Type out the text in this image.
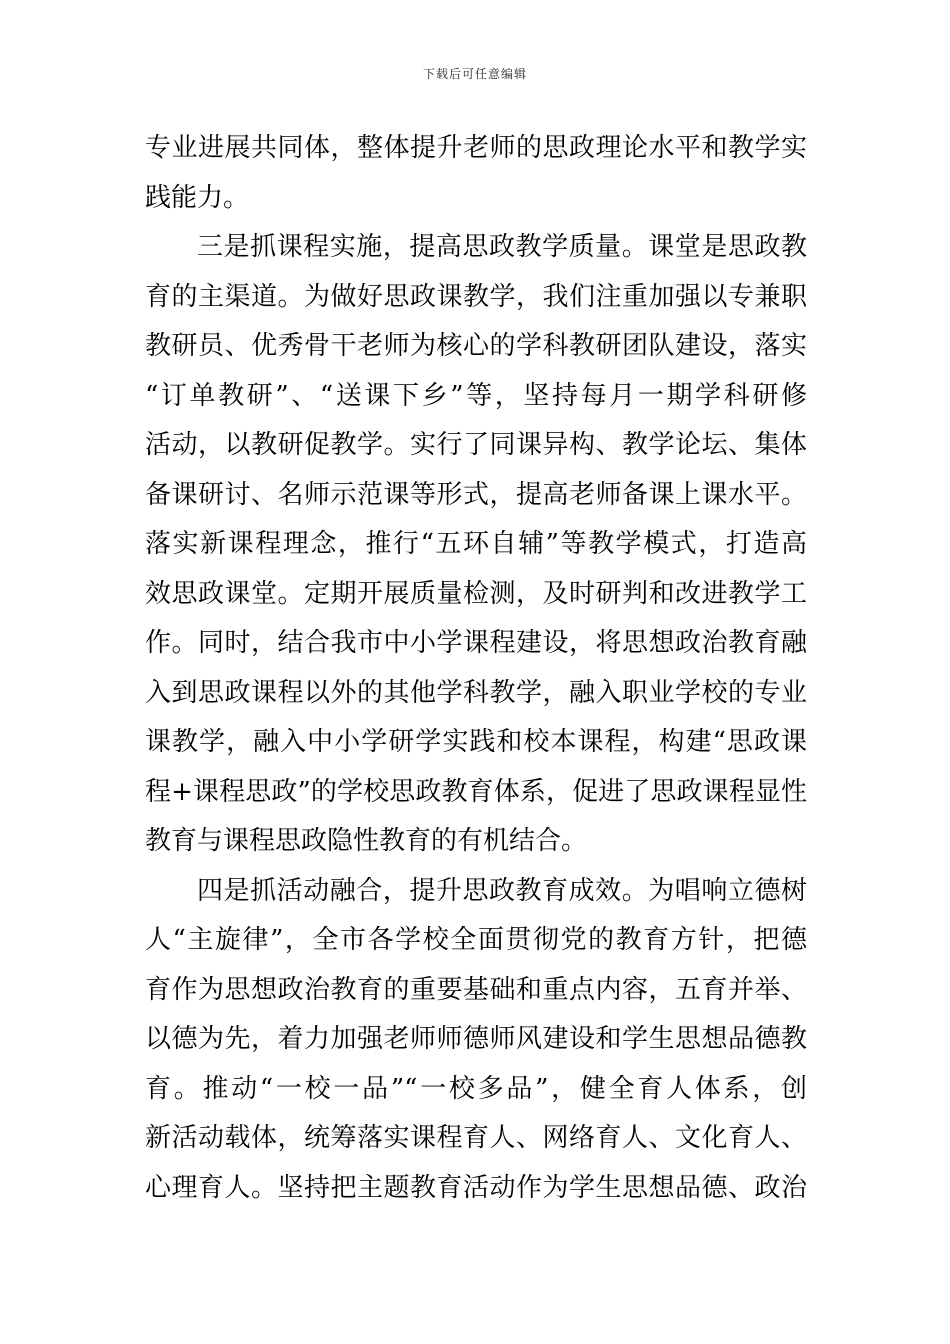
下载后可任意编辑
专业进展共同体，整体提升老师的思政理论水平和教学实
践能力。
三是抓课程实施，提高思政教学质量。课堂是思政教
育的主渠道。为做好思政课教学，我们注重加强以专兼职
教研员、优秀骨干老师为核心的学科教研团队建设，落实
“订单教研”、“送课下乡”等，坚持每月一期学科研修
活动，以教研促教学。实行了同课异构、教学论坛、集体
备课研讨、名师示范课等形式，提高老师备课上课水平。
落实新课程理念，推行“五环自辅”等教学模式，打造高
效思政课堂。定期开展质量检测，及时研判和改进教学工
作。同时，结合我市中小学课程建设，将思想政治教育融
入到思政课程以外的其他学科教学，融入职业学校的专业
课教学，融入中小学研学实践和校本课程，构建“思政课
程+课程思政”的学校思政教育体系，促进了思政课程显性
教育与课程思政隐性教育的有机结合。
四是抓活动融合，提升思政教育成效。为唱响立德树
人“主旋律”，全市各学校全面贯彻党的教育方针，把德
育作为思想政治教育的重要基础和重点内容，五育并举、
以德为先，着力加强老师师德师风建设和学生思想品德教
育。推动“一校一品”“一校多品”，健全育人体系，创
新活动载体，统筹落实课程育人、网络育人、文化育人、
心理育人。坚持把主题教育活动作为学生思想品德、政治
